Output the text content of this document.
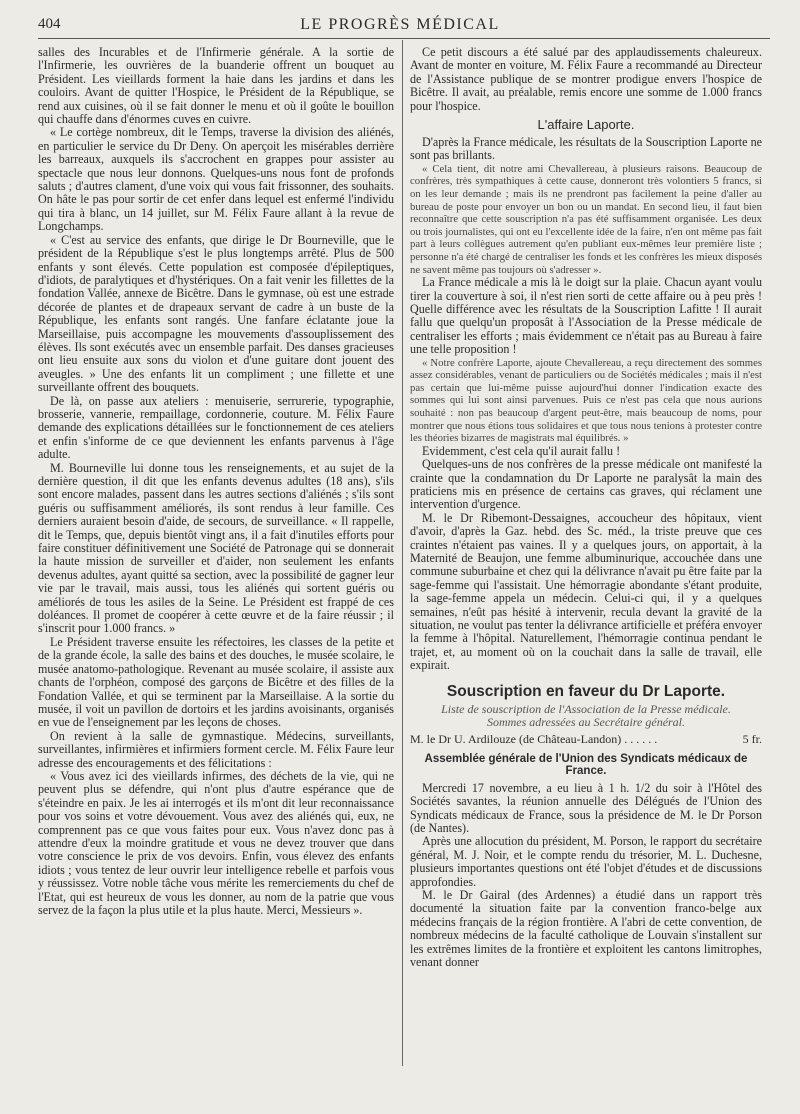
404	LE PROGRÈS MÉDICAL

salles des Incurables et de l'Infirmerie générale. A la sortie de l'Infirmerie, les ouvrières de la buanderie offrent un bouquet au Président. Les vieillards forment la haie dans les jardins et dans les couloirs. Avant de quitter l'Hospice, le Président de la République, se rend aux cuisines, où il se fait donner le menu et où il goûte le bouillon qui chauffe dans d'énormes cuves en cuivre.

« Le cortège nombreux, dit le Temps, traverse la division des aliénés, en particulier le service du Dr Deny. On aperçoit les misérables derrière les barreaux, auxquels ils s'accrochent en grappes pour assister au spectacle que nous leur donnons. Quelques-uns nous font de profonds saluts ; d'autres clament, d'une voix qui vous fait frissonner, des souhaits. On hâte le pas pour sortir de cet enfer dans lequel est enfermé l'individu qui tira à blanc, un 14 juillet, sur M. Félix Faure allant à la revue de Longchamps.

« C'est au service des enfants, que dirige le Dr Bourneville, que le président de la République s'est le plus longtemps arrêté. Plus de 500 enfants y sont élevés. Cette population est composée d'épileptiques, d'idiots, de paralytiques et d'hystériques. On a fait venir les fillettes de la fondation Vallée, annexe de Bicêtre. Dans le gymnase, où est une estrade décorée de plantes et de drapeaux servant de cadre à un buste de la République, les enfants sont rangés. Une fanfare éclatante joue la Marseillaise, puis accompagne les mouvements d'assouplissement des élèves. Ils sont exécutés avec un ensemble parfait. Des danses gracieuses ont lieu ensuite aux sons du violon et d'une guitare dont jouent des aveugles. » Une des enfants lit un compliment ; une fillette et une surveillante offrent des bouquets.

De là, on passe aux ateliers : menuiserie, serrurerie, typographie, brosserie, vannerie, rempaillage, cordonnerie, couture. M. Félix Faure demande des explications détaillées sur le fonctionnement de ces ateliers et enfin s'informe de ce que deviennent les enfants parvenus à l'âge adulte.

M. Bourneville lui donne tous les renseignements, et au sujet de la dernière question, il dit que les enfants devenus adultes (18 ans), s'ils sont encore malades, passent dans les autres sections d'aliénés ; s'ils sont guéris ou suffisamment améliorés, ils sont rendus à leur famille. Ces derniers auraient besoin d'aide, de secours, de surveillance. « Il rappelle, dit le Temps, que, depuis bientôt vingt ans, il a fait d'inutiles efforts pour faire constituer définitivement une Société de Patronage qui se donnerait la haute mission de surveiller et d'aider, non seulement les enfants devenus adultes, ayant quitté sa section, avec la possibilité de gagner leur vie par le travail, mais aussi, tous les aliénés qui sortent guéris ou améliorés de tous les asiles de la Seine. Le Président est frappé de ces doléances. Il promet de coopérer à cette œuvre et de la faire réussir ; il s'inscrit pour 1.000 francs. »

Le Président traverse ensuite les réfectoires, les classes de la petite et de la grande école, la salle des bains et des douches, le musée scolaire, le musée anatomo-pathologique. Revenant au musée scolaire, il assiste aux chants de l'orphéon, composé des garçons de Bicêtre et des filles de la Fondation Vallée, et qui se terminent par la Marseillaise. A la sortie du musée, il voit un pavillon de dortoirs et les jardins avoisinants, organisés en vue de l'enseignement par les leçons de choses.

On revient à la salle de gymnastique. Médecins, surveillants, surveillantes, infirmières et infirmiers forment cercle. M. Félix Faure leur adresse des encouragements et des félicitations :

« Vous avez ici des vieillards infirmes, des déchets de la vie, qui ne peuvent plus se défendre, qui n'ont plus d'autre espérance que de s'éteindre en paix. Je les ai interrogés et ils m'ont dit leur reconnaissance pour vos soins et votre dévouement. Vous avez des aliénés qui, eux, ne comprennent pas ce que vous faites pour eux. Vous n'avez donc pas à attendre d'eux la moindre gratitude et vous ne devez trouver que dans votre conscience le prix de vos devoirs. Enfin, vous élevez des enfants idiots ; vous tentez de leur ouvrir leur intelligence rebelle et parfois vous y réussissez. Votre noble tâche vous mérite les remerciements du chef de l'Etat, qui est heureux de vous les donner, au nom de la patrie que vous servez de la façon la plus utile et la plus haute. Merci, Messieurs ».

Ce petit discours a été salué par des applaudissements chaleureux. Avant de monter en voiture, M. Félix Faure a recommandé au Directeur de l'Assistance publique de se montrer prodigue envers l'hospice de Bicêtre. Il avait, au préalable, remis encore une somme de 1.000 francs pour l'hospice.

L'affaire Laporte.

D'après la France médicale, les résultats de la Souscription Laporte ne sont pas brillants.

« Cela tient, dit notre ami Chevallereau, à plusieurs raisons. Beaucoup de confrères, très sympathiques à cette cause, donneront très volontiers 5 francs, si on les leur demande ; mais ils ne prendront pas facilement la peine d'aller au bureau de poste pour envoyer un bon ou un mandat. En second lieu, il faut bien reconnaître que cette souscription n'a pas été suffisamment organisée. Les deux ou trois journalistes, qui ont eu l'excellente idée de la faire, n'en ont même pas fait part à leurs collègues autrement qu'en publiant eux-mêmes leur première liste ; personne n'a été chargé de centraliser les fonds et les confrères les mieux disposés ne savent même pas toujours où s'adresser ».

La France médicale a mis là le doigt sur la plaie. Chacun ayant voulu tirer la couverture à soi, il n'est rien sorti de cette affaire ou à peu près ! Quelle différence avec les résultats de la Souscription Lafitte ! Il aurait fallu que quelqu'un proposât à l'Association de la Presse médicale de centraliser les efforts ; mais évidemment ce n'était pas au Bureau à faire une telle proposition !

« Notre confrère Laporte, ajoute Chevallereau, a reçu directement des sommes assez considérables, venant de particuliers ou de Sociétés médicales ; mais il n'est pas certain que lui-même puisse aujourd'hui donner l'indication exacte des sommes qui lui sont ainsi parvenues. Puis ce n'est pas cela que nous aurions souhaité : non pas beaucoup d'argent peut-être, mais beaucoup de noms, pour montrer que nous étions tous solidaires et que tous nous tenions à protester contre les théories bizarres de magistrats mal équilibrés. »

Evidemment, c'est cela qu'il aurait fallu !

Quelques-uns de nos confrères de la presse médicale ont manifesté la crainte que la condamnation du Dr Laporte ne paralysât la main des praticiens mis en présence de certains cas graves, qui réclament une intervention d'urgence.

M. le Dr Ribemont-Dessaignes, accoucheur des hôpitaux, vient d'avoir, d'après la Gaz. hebd. des Sc. méd., la triste preuve que ces craintes n'étaient pas vaines. Il y a quelques jours, on apportait, à la Maternité de Beaujon, une femme albuminurique, accouchée dans une commune suburbaine et chez qui la délivrance n'avait pu être faite par la sage-femme qui l'assistait. Une hémorragie abondante s'étant produite, la sage-femme appela un médecin. Celui-ci qui, il y a quelques semaines, n'eût pas hésité à intervenir, recula devant la gravité de la situation, ne voulut pas tenter la délivrance artificielle et préféra envoyer la femme à l'hôpital. Naturellement, l'hémorragie continua pendant le trajet, et, au moment où on la couchait dans la salle de travail, elle expirait.

Souscription en faveur du Dr Laporte.
Liste de souscription de l'Association de la Presse médicale.
Sommes adressées au Secrétaire général.
M. le Dr U. Ardilouze (de Château-Landon) . . . . . .	5 fr.
Assemblée générale de l'Union des Syndicats médicaux de France.

Mercredi 17 novembre, a eu lieu à 1 h. 1/2 du soir à l'Hôtel des Sociétés savantes, la réunion annuelle des Délégués de l'Union des Syndicats médicaux de France, sous la présidence de M. le Dr Porson (de Nantes).

Après une allocution du président, M. Porson, le rapport du secrétaire général, M. J. Noir, et le compte rendu du trésorier, M. L. Duchesne, plusieurs importantes questions ont été l'objet d'études et de discussions approfondies.

M. le Dr Gairal (des Ardennes) a étudié dans un rapport très documenté la situation faite par la convention franco-belge aux médecins français de la région frontière. A l'abri de cette convention, de nombreux médecins de la faculté catholique de Louvain s'installent sur les extrêmes limites de la frontière et exploitent les cantons limitrophes, venant donner
